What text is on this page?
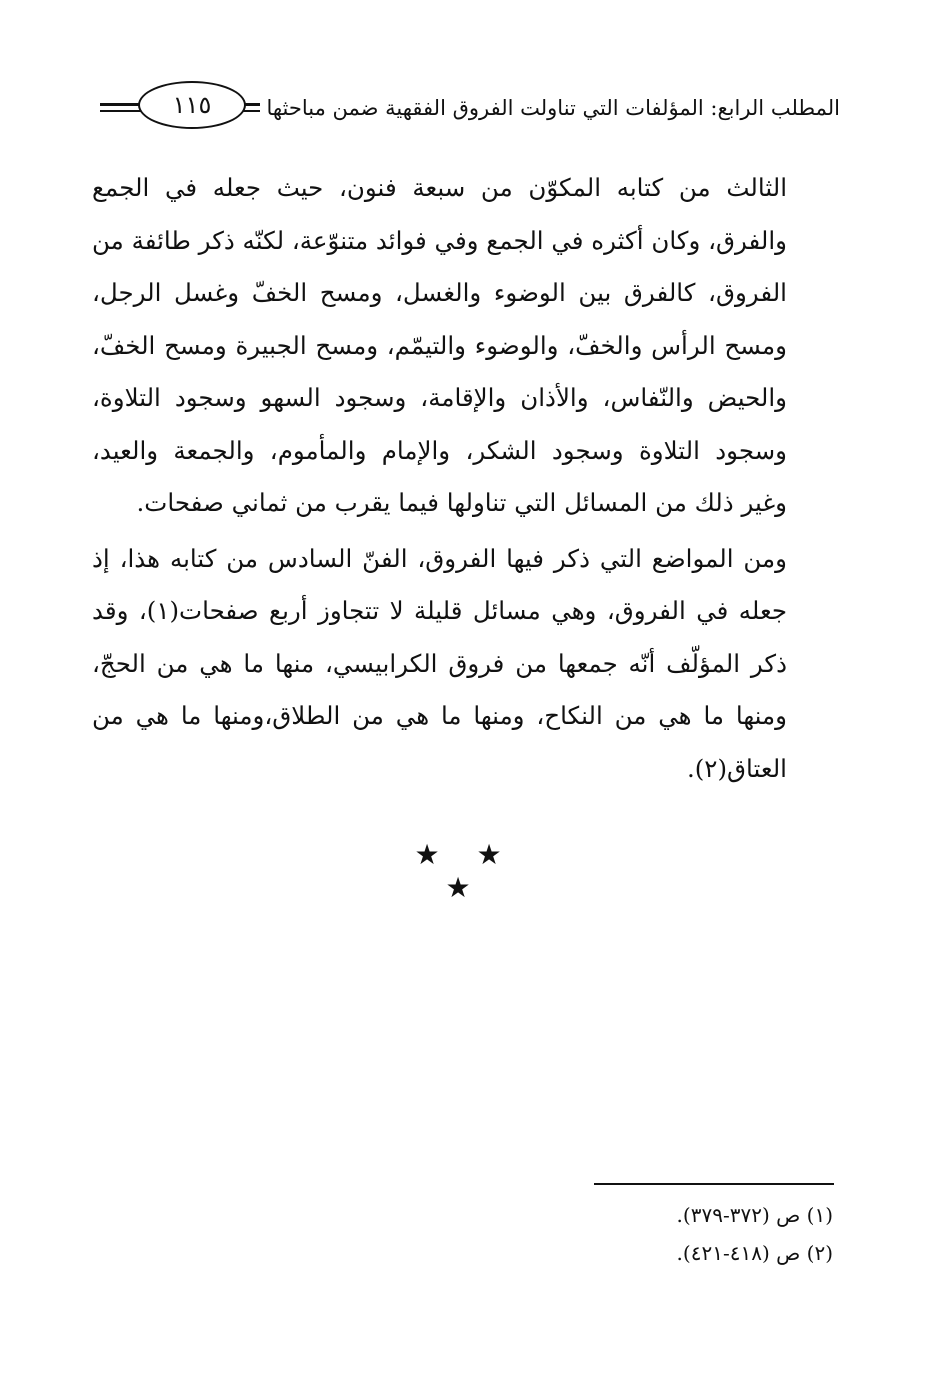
١١٥	المطلب الرابع: المؤلفات التي تناولت الفروق الفقهية ضمن مباحثها

الثالث من كتابه المكوّن من سبعة فنون، حيث جعله في الجمع والفرق، وكان أكثره في الجمع وفي فوائد متنوّعة، لكنّه ذكر طائفة من الفروق، كالفرق بين الوضوء والغسل، ومسح الخفّ وغسل الرجل، ومسح الرأس والخفّ، والوضوء والتيمّم، ومسح الجبيرة ومسح الخفّ، والحيض والنّفاس، والأذان والإقامة، وسجود السهو وسجود التلاوة، وسجود التلاوة وسجود الشكر، والإمام والمأموم، والجمعة والعيد، وغير ذلك من المسائل التي تناولها فيما يقرب من ثماني صفحات.

ومن المواضع التي ذكر فيها الفروق، الفنّ السادس من كتابه هذا، إذ جعله في الفروق، وهي مسائل قليلة لا تتجاوز أربع صفحات(١)، وقد ذكر المؤلّف أنّه جمعها من فروق الكرابيسي، منها ما هي من الحجّ، ومنها ما هي من النكاح، ومنها ما هي من الطلاق،ومنها ما هي من العتاق(٢).

★ ★ ★
(١) ص (٣٧٢-٣٧٩).
(٢) ص (٤١٨-٤٢١).
